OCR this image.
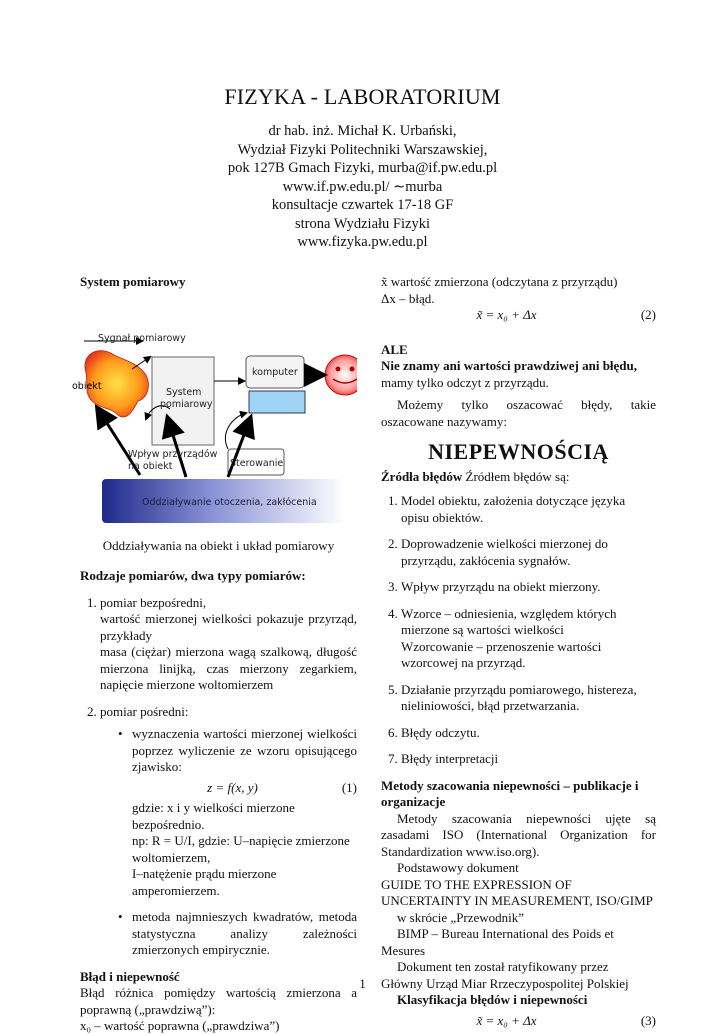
FIZYKA - LABORATORIUM
dr hab. inż. Michał K. Urbański,
Wydział Fizyki Politechniki Warszawskiej,
pok 127B Gmach Fizyki, murba@if.pw.edu.pl
www.if.pw.edu.pl/ ∼murba
konsultacje czwartek 17-18 GF
strona Wydziału Fizyki
www.fizyka.pw.edu.pl
System pomiarowy
Sygnał pomiarowy
obiekt
System
pomiarowy
komputer
Wpływ przyrządów
na obiekt	Sterowanie
Oddziaływanie otoczenia, zakłócenia
Oddziaływania na obiekt i układ pomiarowy
Rodzaje pomiarów, dwa typy pomiarów:
1. pomiar bezpośredni,
wartość mierzonej wielkości pokazuje przyrząd, przykłady
masa (ciężar) mierzona wagą szalkową, długość mierzona linijką, czas mierzony zegarkiem, napięcie mierzone woltomierzem
2. pomiar pośredni:
• wyznaczenia wartości mierzonej wielkości poprzez wyliczenie ze wzoru opisującego zjawisko:
z = f(x, y)	(1)
gdzie: x i y wielkości mierzone bezpośrednio.
np: R = U/I, gdzie: U–napięcie zmierzone woltomierzem,
I–natężenie prądu mierzone amperomierzem.
• metoda najmnieszych kwadratów, metoda statystyczna analizy zależności zmierzonych empirycznie.
Błąd i niepewność
Błąd różnica pomiędzy wartością zmierzona a poprawną („prawdziwą”):
x₀ – wartość poprawna („prawdziwa”)
x̃ wartość zmierzona (odczytana z przyrządu)
Δx – błąd.
x̃ = x₀ + Δx	(2)
ALE
Nie znamy ani wartości prawdziwej ani błędu,
mamy tylko odczyt z przyrządu.
Możemy tylko oszacować błędy, takie oszacowane nazywamy:
NIEPEWNOŚCIĄ
Źródła błędów Źródłem błędów są:
1. Model obiektu, założenia dotyczące języka opisu obiektów.
2. Doprowadzenie wielkości mierzonej do przyrządu, zakłócenia sygnałów.
3. Wpływ przyrządu na obiekt mierzony.
4. Wzorce – odniesienia, względem których mierzone są wartości wielkości
Wzorcowanie – przenoszenie wartości wzorcowej na przyrząd.
5. Działanie przyrządu pomiarowego, histereza, nieliniowości, błąd przetwarzania.
6. Błędy odczytu.
7. Błędy interpretacji
Metody szacowania niepewności – publikacje i organizacje
Metody szacowania niepewności ujęte są zasadami ISO (International Organization for Standardization www.iso.org).
Podstawowy dokument
GUIDE TO THE EXPRESSION OF UNCERTAINTY IN MEASUREMENT, ISO/GIMP
w skrócie „Przewodnik”
BIMP – Bureau International des Poids et Mesures
Dokument ten został ratyfikowany przez
Główny Urząd Miar Rrzeczypospolitej Polskiej
Klasyfikacja błędów i niepewności
x̃ = x₀ + Δx	(3)
1
